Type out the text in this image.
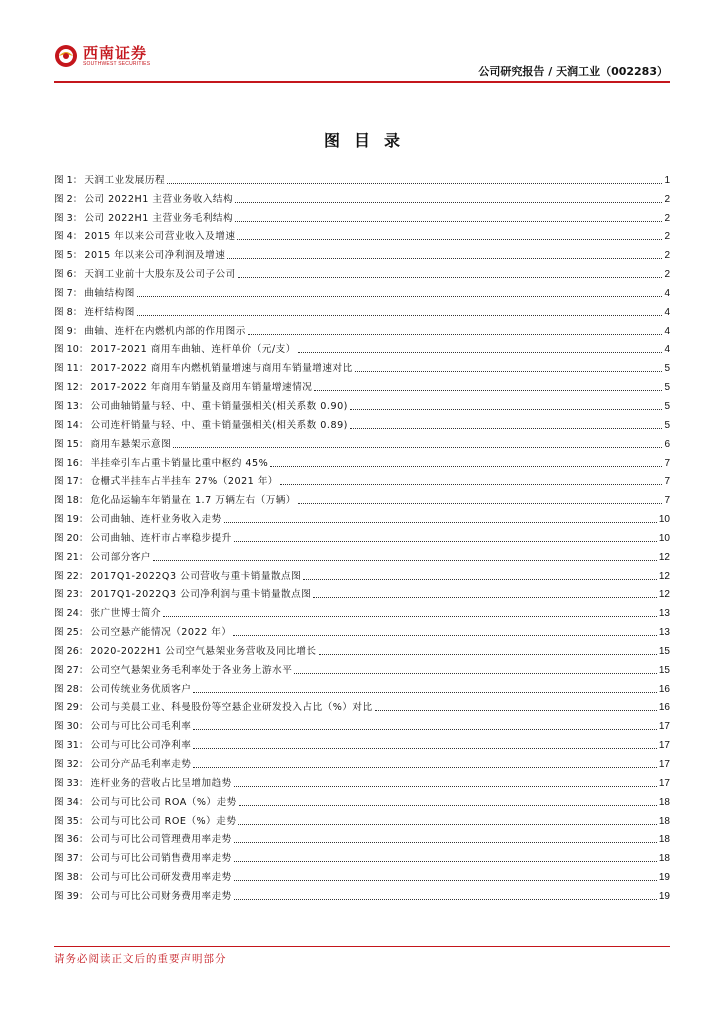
西南证券
SOUTHWEST SECURITIES
公司研究报告 / 天润工业（002283）
图目录
图 1： 天润工业发展历程	1
图 2： 公司 2022H1 主营业务收入结构	2
图 3： 公司 2022H1 主营业务毛利结构	2
图 4： 2015 年以来公司营业收入及增速	2
图 5： 2015 年以来公司净利润及增速	2
图 6： 天润工业前十大股东及公司子公司	2
图 7： 曲轴结构图	4
图 8： 连杆结构图	4
图 9： 曲轴、连杆在内燃机内部的作用图示	4
图 10： 2017-2021 商用车曲轴、连杆单价（元/支）	4
图 11： 2017-2022 商用车内燃机销量增速与商用车销量增速对比	5
图 12： 2017-2022 年商用车销量及商用车销量增速情况	5
图 13： 公司曲轴销量与轻、中、重卡销量强相关(相关系数 0.90)	5
图 14： 公司连杆销量与轻、中、重卡销量强相关(相关系数 0.89)	5
图 15： 商用车悬架示意图	6
图 16： 半挂牵引车占重卡销量比重中枢约 45%	7
图 17： 仓栅式半挂车占半挂车 27%（2021 年）	7
图 18： 危化品运输车年销量在 1.7 万辆左右（万辆）	7
图 19： 公司曲轴、连杆业务收入走势	10
图 20： 公司曲轴、连杆市占率稳步提升	10
图 21： 公司部分客户	12
图 22： 2017Q1-2022Q3 公司营收与重卡销量散点图	12
图 23： 2017Q1-2022Q3 公司净利润与重卡销量散点图	12
图 24： 张广世博士简介	13
图 25： 公司空悬产能情况（2022 年）	13
图 26： 2020-2022H1 公司空气悬架业务营收及同比增长	15
图 27： 公司空气悬架业务毛利率处于各业务上游水平	15
图 28： 公司传统业务优质客户	16
图 29： 公司与美晨工业、科曼股份等空悬企业研发投入占比（%）对比	16
图 30： 公司与可比公司毛利率	17
图 31： 公司与可比公司净利率	17
图 32： 公司分产品毛利率走势	17
图 33： 连杆业务的营收占比呈增加趋势	17
图 34： 公司与可比公司 ROA（%）走势	18
图 35： 公司与可比公司 ROE（%）走势	18
图 36： 公司与可比公司管理费用率走势	18
图 37： 公司与可比公司销售费用率走势	18
图 38： 公司与可比公司研发费用率走势	19
图 39： 公司与可比公司财务费用率走势	19
请务必阅读正文后的重要声明部分
